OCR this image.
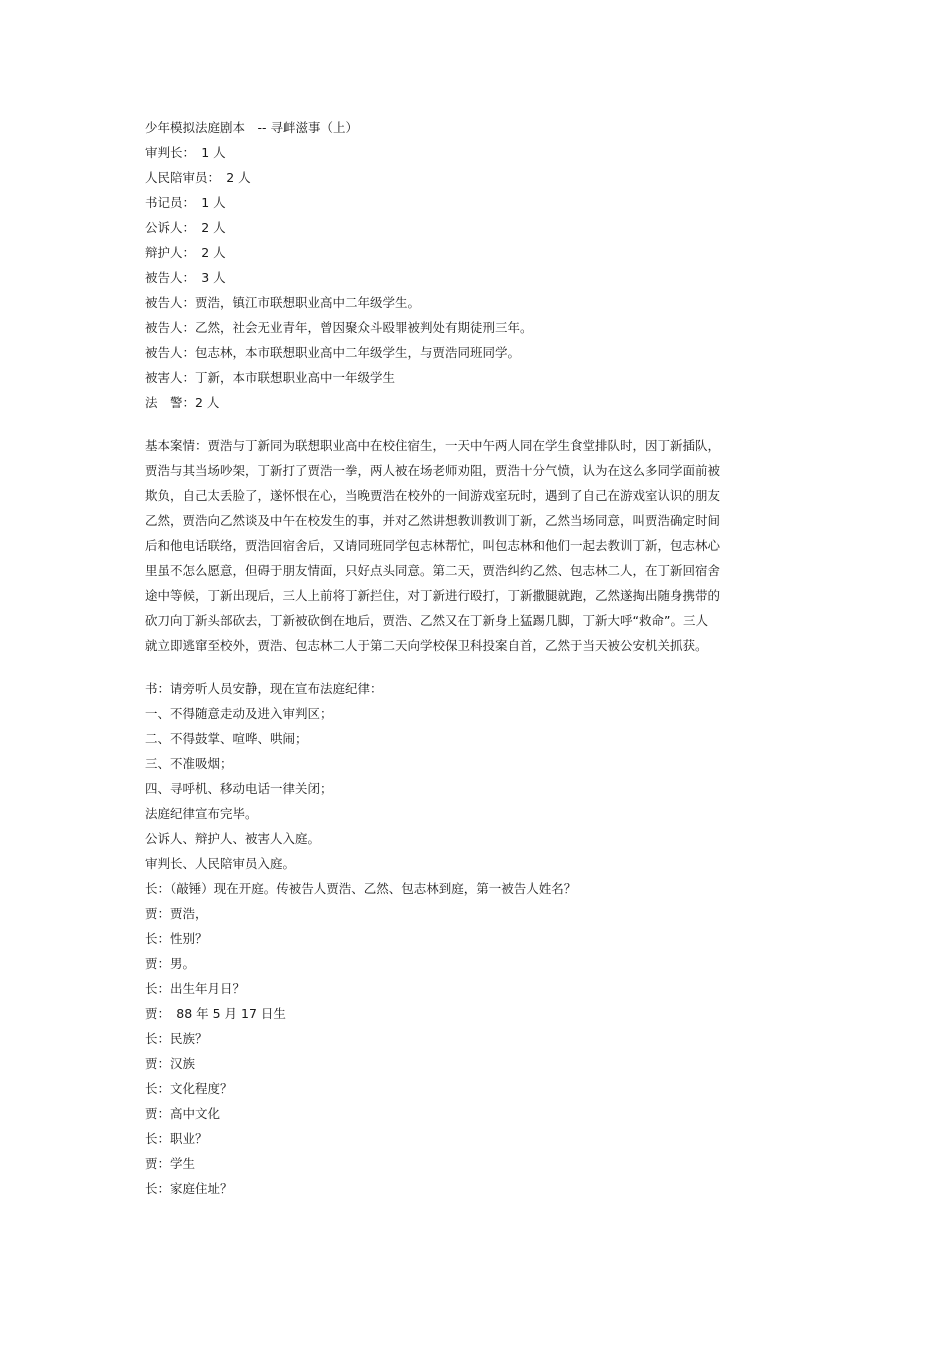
少年模拟法庭剧本　-- 寻衅滋事（上）
审判长：　1 人
人民陪审员：　2 人
书记员：　1 人
公诉人：　2 人
辩护人：　2 人
被告人：　3 人
被告人：贾浩，镇江市联想职业高中二年级学生。
被告人：乙然，社会无业青年，曾因聚众斗殴罪被判处有期徒刑三年。
被告人：包志林，本市联想职业高中二年级学生，与贾浩同班同学。
被害人：丁新，本市联想职业高中一年级学生
法　警：2 人
基本案情：贾浩与丁新同为联想职业高中在校住宿生，一天中午两人同在学生食堂排队时，因丁新插队，
贾浩与其当场吵架，丁新打了贾浩一拳，两人被在场老师劝阻，贾浩十分气愤，认为在这么多同学面前被
欺负，自己太丢脸了，遂怀恨在心，当晚贾浩在校外的一间游戏室玩时，遇到了自己在游戏室认识的朋友
乙然，贾浩向乙然谈及中午在校发生的事，并对乙然讲想教训教训丁新，乙然当场同意，叫贾浩确定时间
后和他电话联络，贾浩回宿舍后，又请同班同学包志林帮忙，叫包志林和他们一起去教训丁新，包志林心
里虽不怎么愿意，但碍于朋友情面，只好点头同意。第二天，贾浩纠约乙然、包志林二人，在丁新回宿舍
途中等候，丁新出现后，三人上前将丁新拦住，对丁新进行殴打，丁新撒腿就跑，乙然遂掏出随身携带的
砍刀向丁新头部砍去，丁新被砍倒在地后，贾浩、乙然又在丁新身上猛踢几脚，丁新大呼“救命”。三人
就立即逃窜至校外，贾浩、包志林二人于第二天向学校保卫科投案自首，乙然于当天被公安机关抓获。
书：请旁听人员安静，现在宣布法庭纪律：
一、不得随意走动及进入审判区；
二、不得鼓掌、喧哗、哄闹；
三、不准吸烟；
四、寻呼机、移动电话一律关闭；
法庭纪律宣布完毕。
公诉人、辩护人、被害人入庭。
审判长、人民陪审员入庭。
长：（敲锤）现在开庭。传被告人贾浩、乙然、包志林到庭，第一被告人姓名？
贾：贾浩，
长：性别？
贾：男。
长：出生年月日？
贾：　88 年 5 月 17 日生
长：民族？
贾：汉族
长：文化程度？
贾：高中文化
长：职业？
贾：学生
长：家庭住址？
